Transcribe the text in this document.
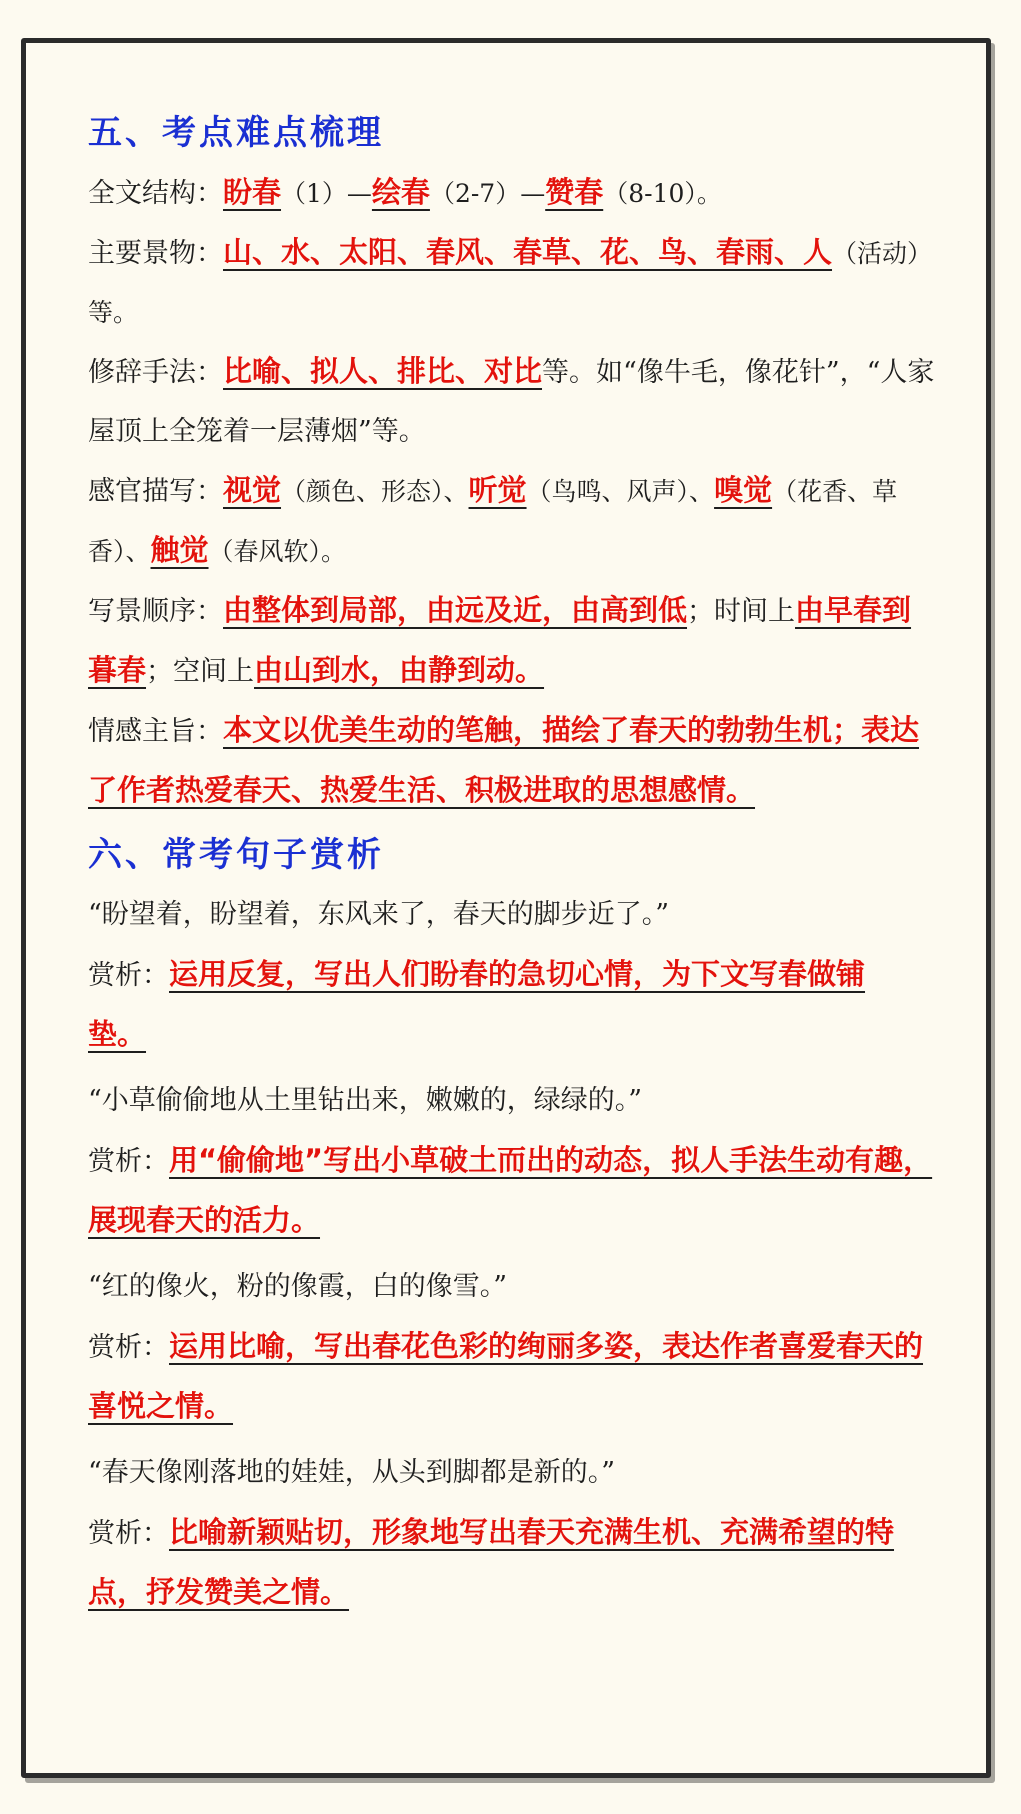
五、考点难点梳理
全文结构：盼春（1）—绘春（2-7）—赞春（8-10）。
主要景物：山、水、太阳、春风、春草、花、鸟、春雨、人（活动）等。
修辞手法：比喻、拟人、排比、对比等。如“像牛毛，像花针”，“人家屋顶上全笼着一层薄烟”等。
感官描写：视觉（颜色、形态）、听觉（鸟鸣、风声）、嗅觉（花香、草香）、触觉（春风软）。
写景顺序：由整体到局部，由远及近，由高到低；时间上由早春到暮春；空间上由山到水，由静到动。
情感主旨：本文以优美生动的笔触，描绘了春天的勃勃生机；表达了作者热爱春天、热爱生活、积极进取的思想感情。
六、常考句子赏析
“盼望着，盼望着，东风来了，春天的脚步近了。”
赏析：运用反复，写出人们盼春的急切心情，为下文写春做铺垫。
“小草偷偷地从土里钻出来，嫩嫩的，绿绿的。”
赏析：用“偷偷地”写出小草破土而出的动态，拟人手法生动有趣，展现春天的活力。
“红的像火，粉的像霞，白的像雪。”
赏析：运用比喻，写出春花色彩的绚丽多姿，表达作者喜爱春天的喜悦之情。
“春天像刚落地的娃娃，从头到脚都是新的。”
赏析：比喻新颖贴切，形象地写出春天充满生机、充满希望的特点，抒发赞美之情。
